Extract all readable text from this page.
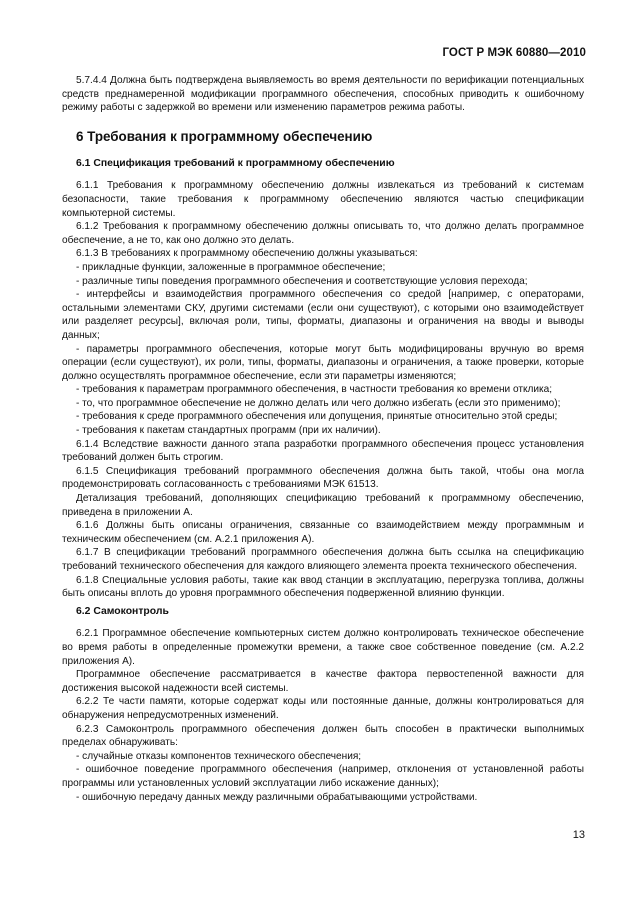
ГОСТ Р МЭК 60880—2010

5.7.4.4 Должна быть подтверждена выявляемость во время деятельности по верификации потенциальных средств преднамеренной модификации программного обеспечения, способных приводить к ошибочному режиму работы с задержкой во времени или изменению параметров режима работы.

6 Требования к программному обеспечению

6.1 Спецификация требований к программному обеспечению

6.1.1 Требования к программному обеспечению должны извлекаться из требований к системам безопасности, такие требования к программному обеспечению являются частью спецификации компьютерной системы.

6.1.2 Требования к программному обеспечению должны описывать то, что должно делать программное обеспечение, а не то, как оно должно это делать.

6.1.3 В требованиях к программному обеспечению должны указываться:

- прикладные функции, заложенные в программное обеспечение;

- различные типы поведения программного обеспечения и соответствующие условия перехода;

- интерфейсы и взаимодействия программного обеспечения со средой [например, с операторами, остальными элементами СКУ, другими системами (если они существуют), с которыми оно взаимодействует или разделяет ресурсы], включая роли, типы, форматы, диапазоны и ограничения на вводы и выводы данных;

- параметры программного обеспечения, которые могут быть модифицированы вручную во время операции (если существуют), их роли, типы, форматы, диапазоны и ограничения, а также проверки, которые должно осуществлять программное обеспечение, если эти параметры изменяются;

- требования к параметрам программного обеспечения, в частности требования ко времени отклика;

- то, что программное обеспечение не должно делать или чего должно избегать (если это применимо);

- требования к среде программного обеспечения или допущения, принятые относительно этой среды;

- требования к пакетам стандартных программ (при их наличии).

6.1.4 Вследствие важности данного этапа разработки программного обеспечения процесс установления требований должен быть строгим.

6.1.5 Спецификация требований программного обеспечения должна быть такой, чтобы она могла продемонстрировать согласованность с требованиями МЭК 61513.

Детализация требований, дополняющих спецификацию требований к программному обеспечению, приведена в приложении А.

6.1.6 Должны быть описаны ограничения, связанные со взаимодействием между программным и техническим обеспечением (см. А.2.1 приложения А).

6.1.7 В спецификации требований программного обеспечения должна быть ссылка на спецификацию требований технического обеспечения для каждого влияющего элемента проекта технического обеспечения.

6.1.8 Специальные условия работы, такие как ввод станции в эксплуатацию, перегрузка топлива, должны быть описаны вплоть до уровня программного обеспечения подверженной влиянию функции.

6.2 Самоконтроль

6.2.1 Программное обеспечение компьютерных систем должно контролировать техническое обеспечение во время работы в определенные промежутки времени, а также свое собственное поведение (см. А.2.2 приложения А).

Программное обеспечение рассматривается в качестве фактора первостепенной важности для достижения высокой надежности всей системы.

6.2.2 Те части памяти, которые содержат коды или постоянные данные, должны контролироваться для обнаружения непредусмотренных изменений.

6.2.3 Самоконтроль программного обеспечения должен быть способен в практически выполнимых пределах обнаруживать:

- случайные отказы компонентов технического обеспечения;

- ошибочное поведение программного обеспечения (например, отклонения от установленной работы программы или установленных условий эксплуатации либо искажение данных);

- ошибочную передачу данных между различными обрабатывающими устройствами.

13
